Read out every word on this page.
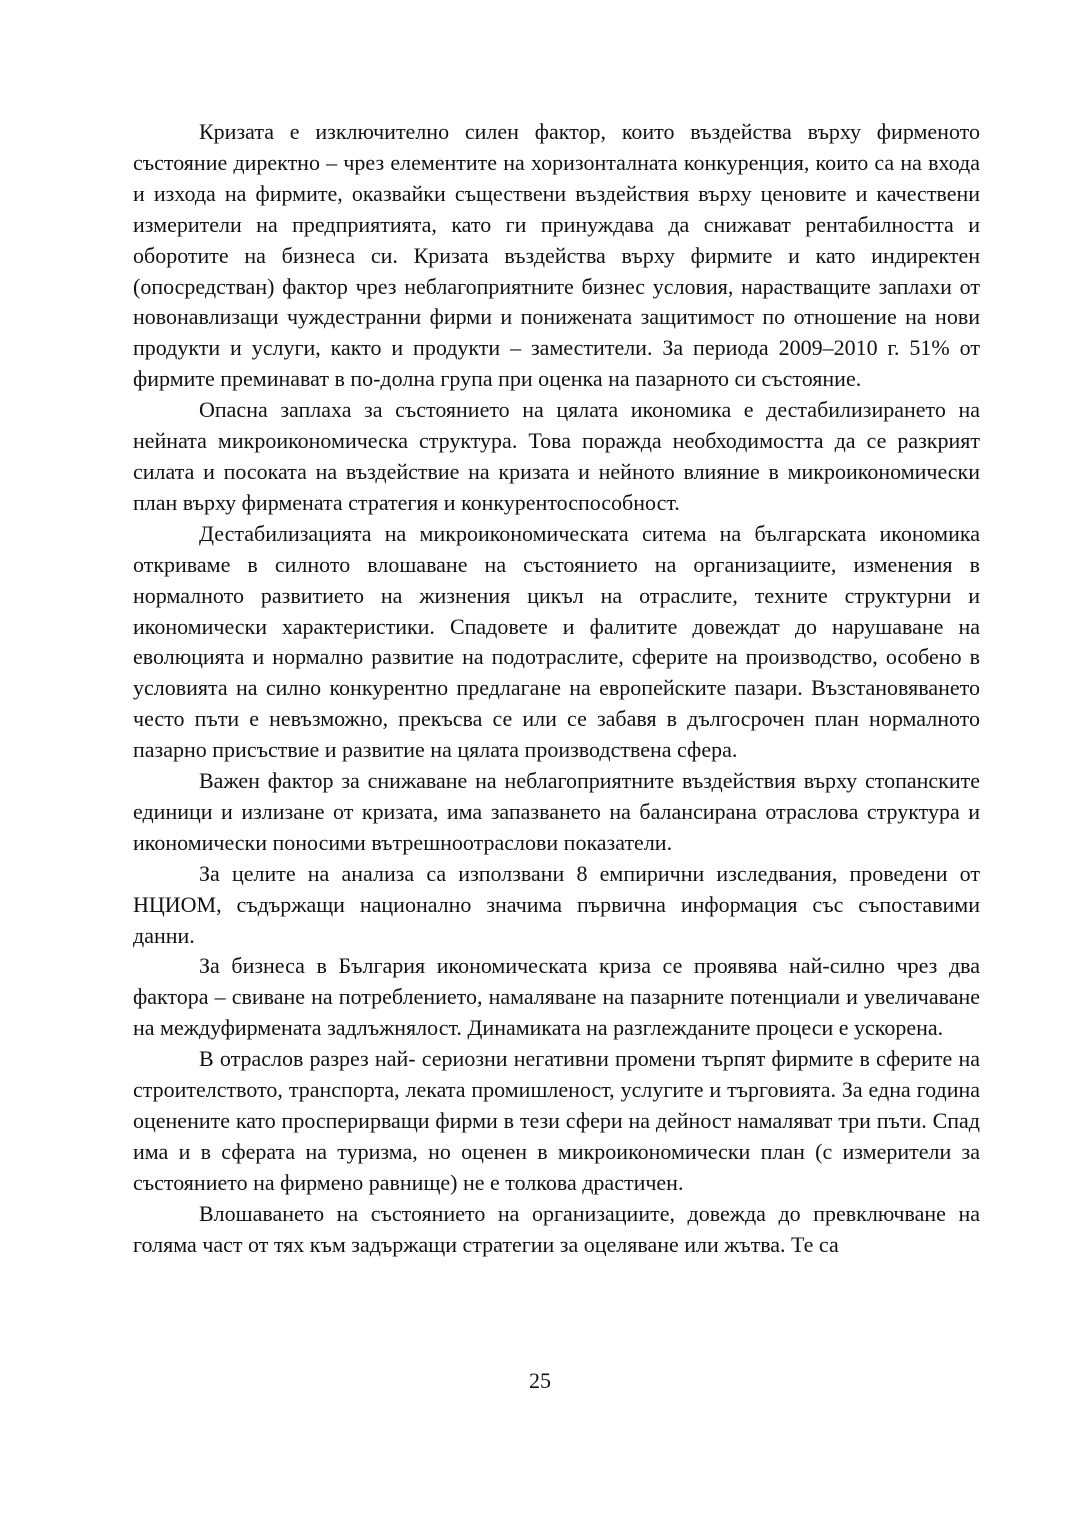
Кризата е изключително силен фактор, които въздейства върху фирменото състояние директно – чрез елементите на хоризонталната конкуренция, които са на входа и изхода на фирмите, оказвайки съществени въздействия върху ценовите и качествени измерители на предприятията, като ги принуждава да снижават рентабилността и оборотите на бизнеса си. Кризата въздейства върху фирмите и като индиректен (опосредстван) фактор чрез неблагоприятните бизнес условия, нарастващите заплахи от новонавлизащи чуждестранни фирми и понижената защитимост по отношение на нови продукти и услуги, както и продукти – заместители. За периода 2009–2010 г. 51% от фирмите преминават в по-долна група при оценка на пазарното си състояние.

Опасна заплаха за състоянието на цялата икономика е дестабилизирането на нейната микроикономическа структура. Това поражда необходимостта да се разкрият силата и посоката на въздействие на кризата и нейното влияние в микроикономически план върху фирмената стратегия и конкурентоспособност.

Дестабилизацията на микроикономическата ситема на българската икономика откриваме в силното влошаване на състоянието на организациите, изменения в нормалното развитието на жизнения цикъл на отраслите, техните структурни и икономически характеристики. Спадовете и фалитите довеждат до нарушаване на еволюцията и нормално развитие на подотраслите, сферите на производство, особено в условията на силно конкурентно предлагане на европейските пазари. Възстановяването често пъти е невъзможно, прекъсва се или се забавя в дългосрочен план нормалното пазарно присъствие и развитие на цялата производствена сфера.

Важен фактор за снижаване на неблагоприятните въздействия върху стопанските единици и излизане от кризата, има запазването на балансирана отраслова структура и икономически поносими вътрешноотраслови показатели.

За целите на анализа са използвани 8 емпирични изследвания, проведени от НЦИОМ, съдържащи национално значима първична информация със съпоставими данни.

За бизнеса в България икономическата криза се проявява най-силно чрез два фактора – свиване на потреблението, намаляване на пазарните потенциали и увеличаване на междуфирмената задлъжнялост. Динамиката на разглежданите процеси е ускорена.

В отраслов разрез най- сериозни негативни промени търпят фирмите в сферите на строителството, транспорта, леката промишленост, услугите и търговията. За една година оценените като просперирващи фирми в тези сфери на дейност намаляват три пъти. Спад има и в сферата на туризма, но оценен в микроикономически план (с измерители за състоянието на фирмено равнище) не е толкова драстичен.

Влошаването на състоянието на организациите, довежда до превключване на голяма част от тях към задържащи стратегии за оцеляване или жътва. Те са

25
